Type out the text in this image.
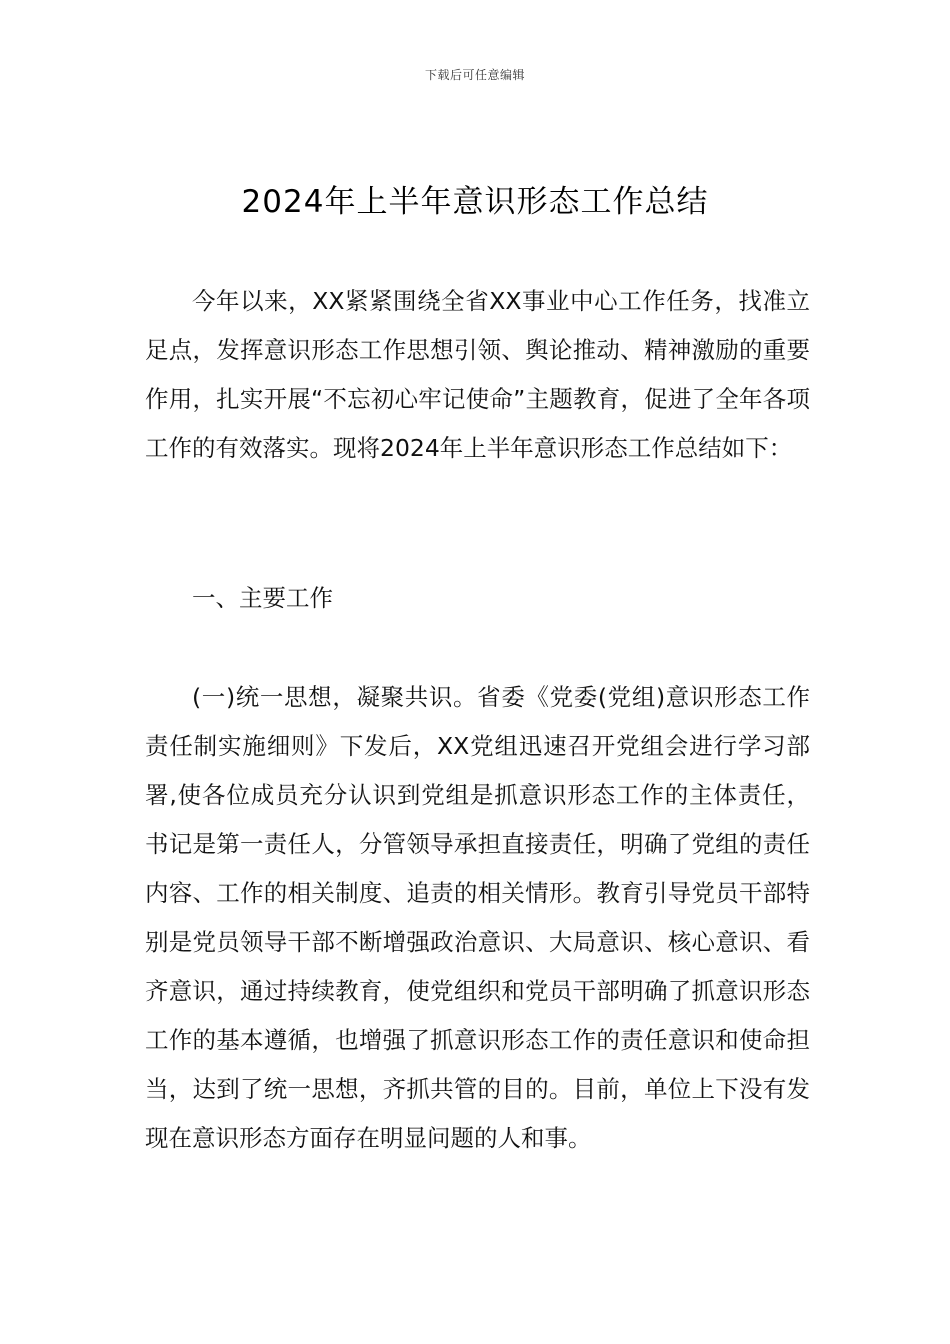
下载后可任意编辑
2024年上半年意识形态工作总结

今年以来，XX紧紧围绕全省XX事业中心工作任务，找准立足点，发挥意识形态工作思想引领、舆论推动、精神激励的重要作用，扎实开展“不忘初心牢记使命”主题教育，促进了全年各项工作的有效落实。现将2024年上半年意识形态工作总结如下：

一、主要工作

(一)统一思想，凝聚共识。省委《党委(党组)意识形态工作责任制实施细则》下发后，XX党组迅速召开党组会进行学习部署,使各位成员充分认识到党组是抓意识形态工作的主体责任，书记是第一责任人，分管领导承担直接责任，明确了党组的责任内容、工作的相关制度、追责的相关情形。教育引导党员干部特别是党员领导干部不断增强政治意识、大局意识、核心意识、看齐意识，通过持续教育，使党组织和党员干部明确了抓意识形态工作的基本遵循，也增强了抓意识形态工作的责任意识和使命担当，达到了统一思想，齐抓共管的目的。目前，单位上下没有发现在意识形态方面存在明显问题的人和事。
